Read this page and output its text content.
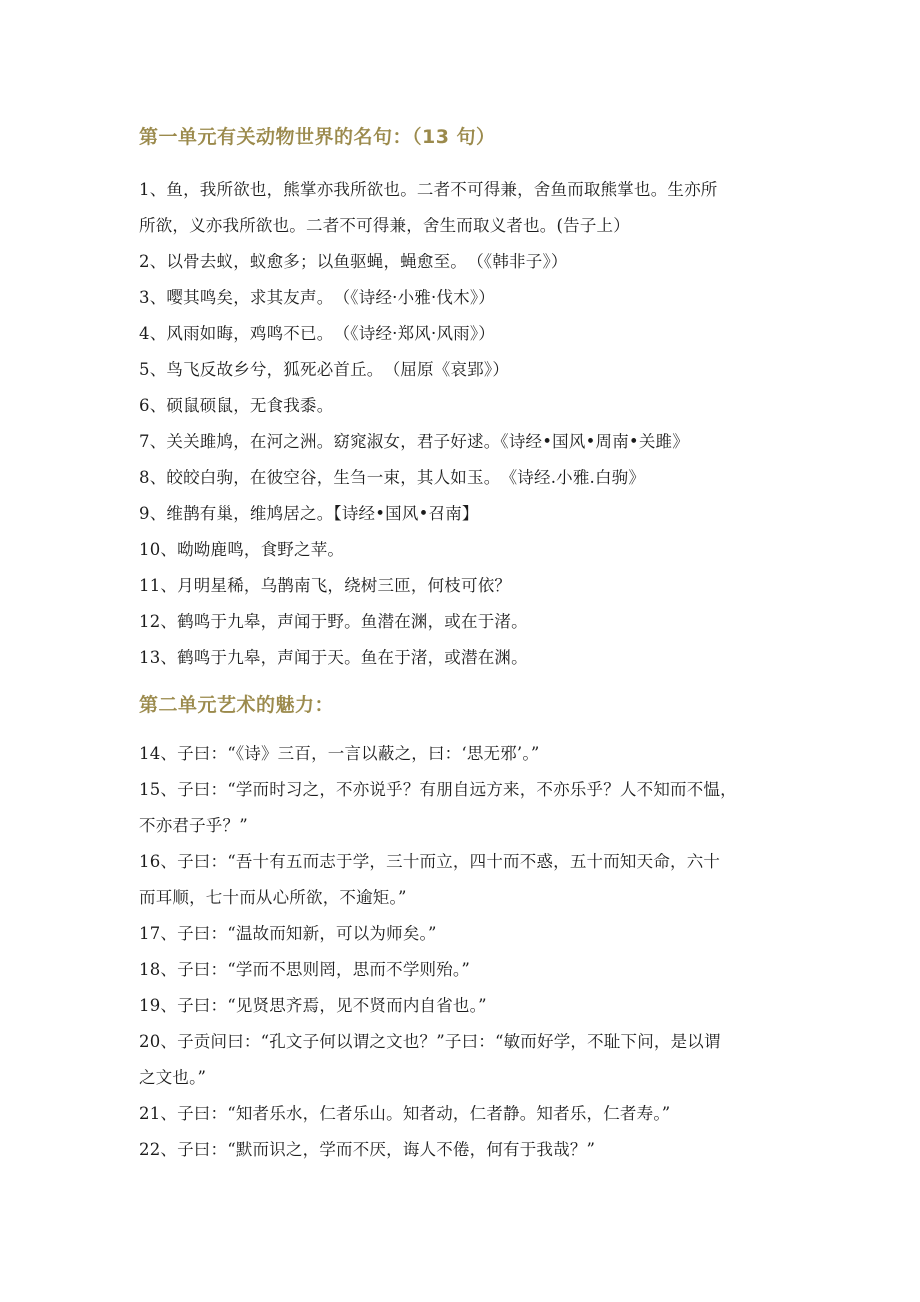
第一单元有关动物世界的名句：（13 句）
1、鱼，我所欲也，熊掌亦我所欲也。二者不可得兼，舍鱼而取熊掌也。生亦所
所欲，义亦我所欲也。二者不可得兼，舍生而取义者也。(告子上）
2、以骨去蚁，蚁愈多；以鱼驱蝇，蝇愈至。　（《韩非子》）
3、嘤其鸣矣，求其友声。　（《诗经·小雅·伐木》）
4、风雨如晦，鸡鸣不已。　（《诗经·郑风·风雨》）
5、鸟飞反故乡兮，狐死必首丘。　（屈原《哀郢》）
6、硕鼠硕鼠，无食我黍。
7、关关雎鸠，在河之洲。窈窕淑女，君子好逑。《诗经•国风•周南•关雎》
8、皎皎白驹，在彼空谷，生刍一束，其人如玉。　《诗经.小雅.白驹》
9、维鹊有巢，维鸠居之。【诗经•国风•召南】
10、呦呦鹿鸣，食野之苹。
11、月明星稀，乌鹊南飞，绕树三匝，何枝可依？
12、鹤鸣于九皋，声闻于野。鱼潜在渊，或在于渚。
13、鹤鸣于九皋，声闻于天。鱼在于渚，或潜在渊。
第二单元艺术的魅力：
14、子曰：“《诗》三百，一言以蔽之，曰：‘思无邪’。”
15、子曰：“学而时习之，不亦说乎？有朋自远方来，不亦乐乎？人不知而不愠，
不亦君子乎？”
16、子曰：“吾十有五而志于学，三十而立，四十而不惑，五十而知天命，六十
而耳顺，七十而从心所欲，不逾矩。”
17、子曰：“温故而知新，可以为师矣。”
18、子曰：“学而不思则罔，思而不学则殆。”
19、子曰：“见贤思齐焉，见不贤而内自省也。”
20、子贡问曰：“孔文子何以谓之文也？”子曰：“敏而好学，不耻下问，是以谓
之文也。”
21、子曰：“知者乐水，仁者乐山。知者动，仁者静。知者乐，仁者寿。”
22、子曰：“默而识之，学而不厌，诲人不倦，何有于我哉？”
